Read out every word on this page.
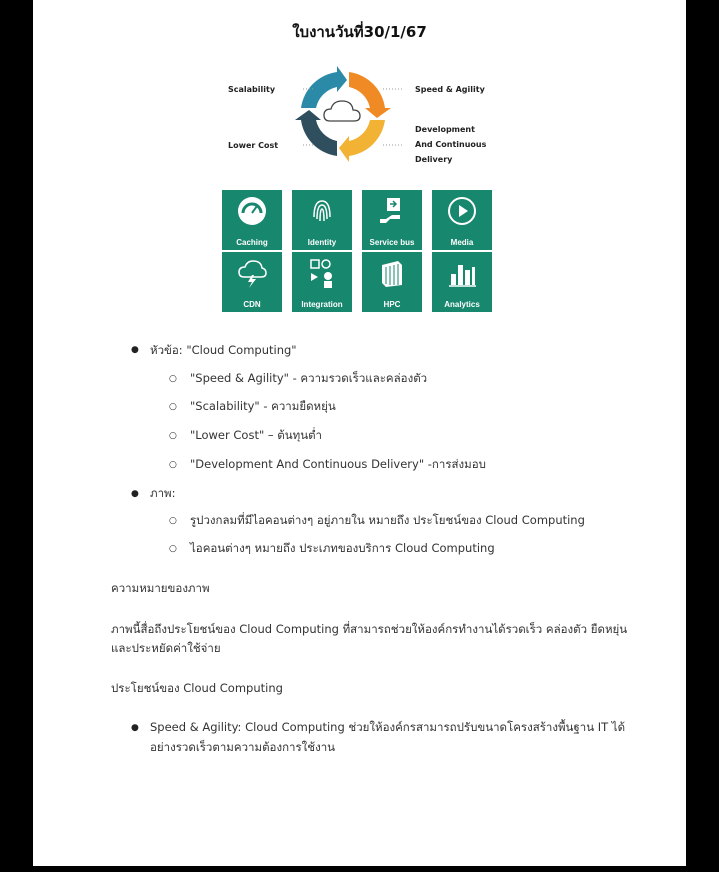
ใบงานวันที่30/1/67
Scalability	Speed & Agility
Lower Cost
Development
And Continuous
Delivery
Caching	Identity	Service bus	Media
CDN	Integration	HPC	Analytics
● หัวข้อ: "Cloud Computing"
○ "Speed & Agility" - ความรวดเร็วและคล่องตัว
○ "Scalability" - ความยืดหยุ่น
○ "Lower Cost" – ต้นทุนต่ำ
○ "Development And Continuous Delivery" -การส่งมอบ
● ภาพ:
○ รูปวงกลมที่มีไอคอนต่างๆ อยู่ภายใน หมายถึง ประโยชน์ของ Cloud Computing
○ ไอคอนต่างๆ หมายถึง ประเภทของบริการ Cloud Computing
ความหมายของภาพ
ภาพนี้สื่อถึงประโยชน์ของ Cloud Computing ที่สามารถช่วยให้องค์กรทำงานได้รวดเร็ว คล่องตัว ยืดหยุ่น
และประหยัดค่าใช้จ่าย
ประโยชน์ของ Cloud Computing
● Speed & Agility: Cloud Computing ช่วยให้องค์กรสามารถปรับขนาดโครงสร้างพื้นฐาน IT ได้
อย่างรวดเร็วตามความต้องการใช้งาน
